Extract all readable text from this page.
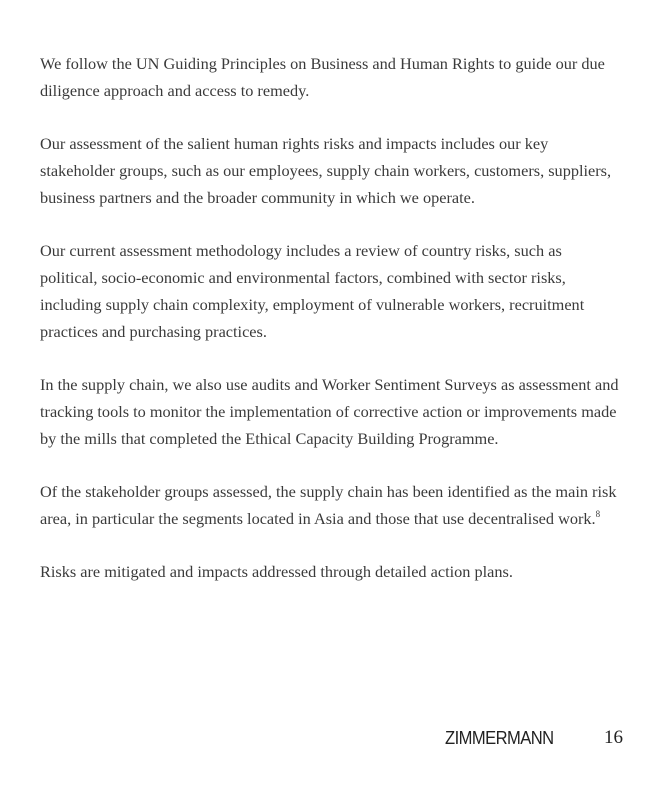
We follow the UN Guiding Principles on Business and Human Rights to guide our due diligence approach and access to remedy.

Our assessment of the salient human rights risks and impacts includes our key stakeholder groups, such as our employees, supply chain workers, customers, suppliers, business partners and the broader community in which we operate.

Our current assessment methodology includes a review of country risks, such as political, socio-economic and environmental factors, combined with sector risks, including supply chain complexity, employment of vulnerable workers, recruitment practices and purchasing practices.

In the supply chain, we also use audits and Worker Sentiment Surveys as assessment and tracking tools to monitor the implementation of corrective action or improvements made by the mills that completed the Ethical Capacity Building Programme.

Of the stakeholder groups assessed, the supply chain has been identified as the main risk area, in particular the segments located in Asia and those that use decentralised work.$^8$

Risks are mitigated and impacts addressed through detailed action plans.

ZIMMERMANN	16
